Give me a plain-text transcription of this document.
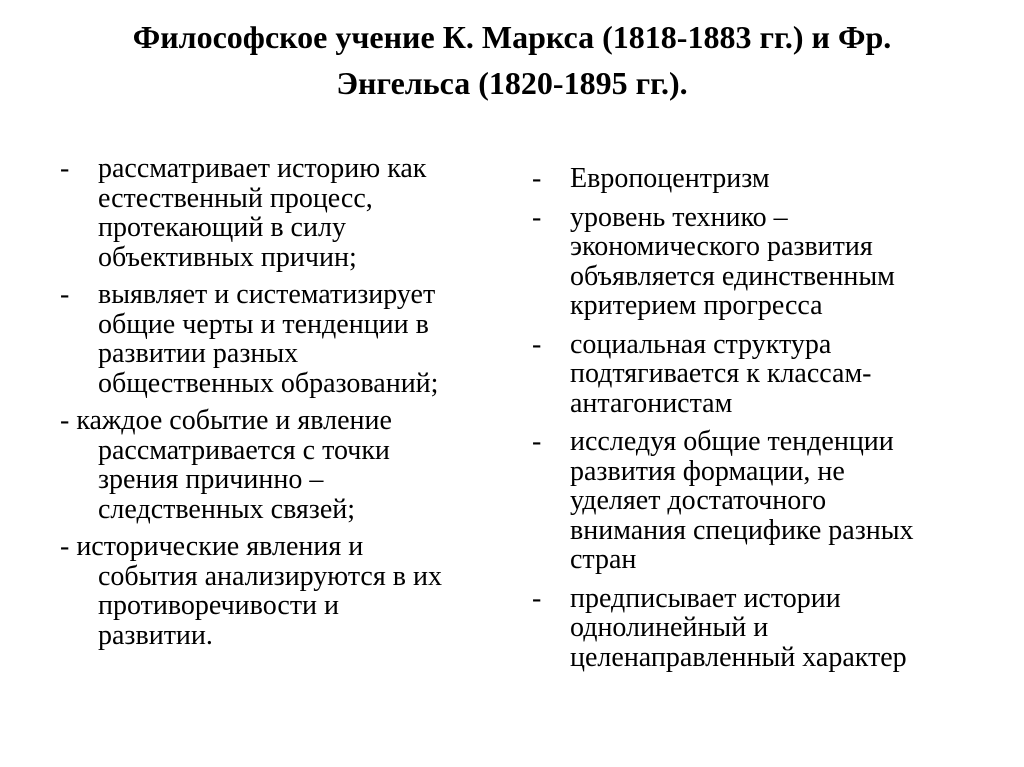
Философское учение К. Маркса (1818-1883 гг.) и Фр.
Энгельса (1820-1895 гг.).
- рассматривает историю как
естественный процесс,
протекающий в силу
объективных причин;
- выявляет и систематизирует
общие черты и тенденции в
развитии разных
общественных образований;
- каждое событие и явление
рассматривается с точки
зрения причинно –
следственных связей;
- исторические явления и
события анализируются в их
противоречивости и
развитии.
- Европоцентризм
- уровень технико –
экономического развития
объявляется единственным
критерием прогресса
- социальная структура
подтягивается к классам-
антагонистам
- исследуя общие тенденции
развития формации, не
уделяет достаточного
внимания специфике разных
стран
- предписывает истории
однолинейный и
целенаправленный характер
